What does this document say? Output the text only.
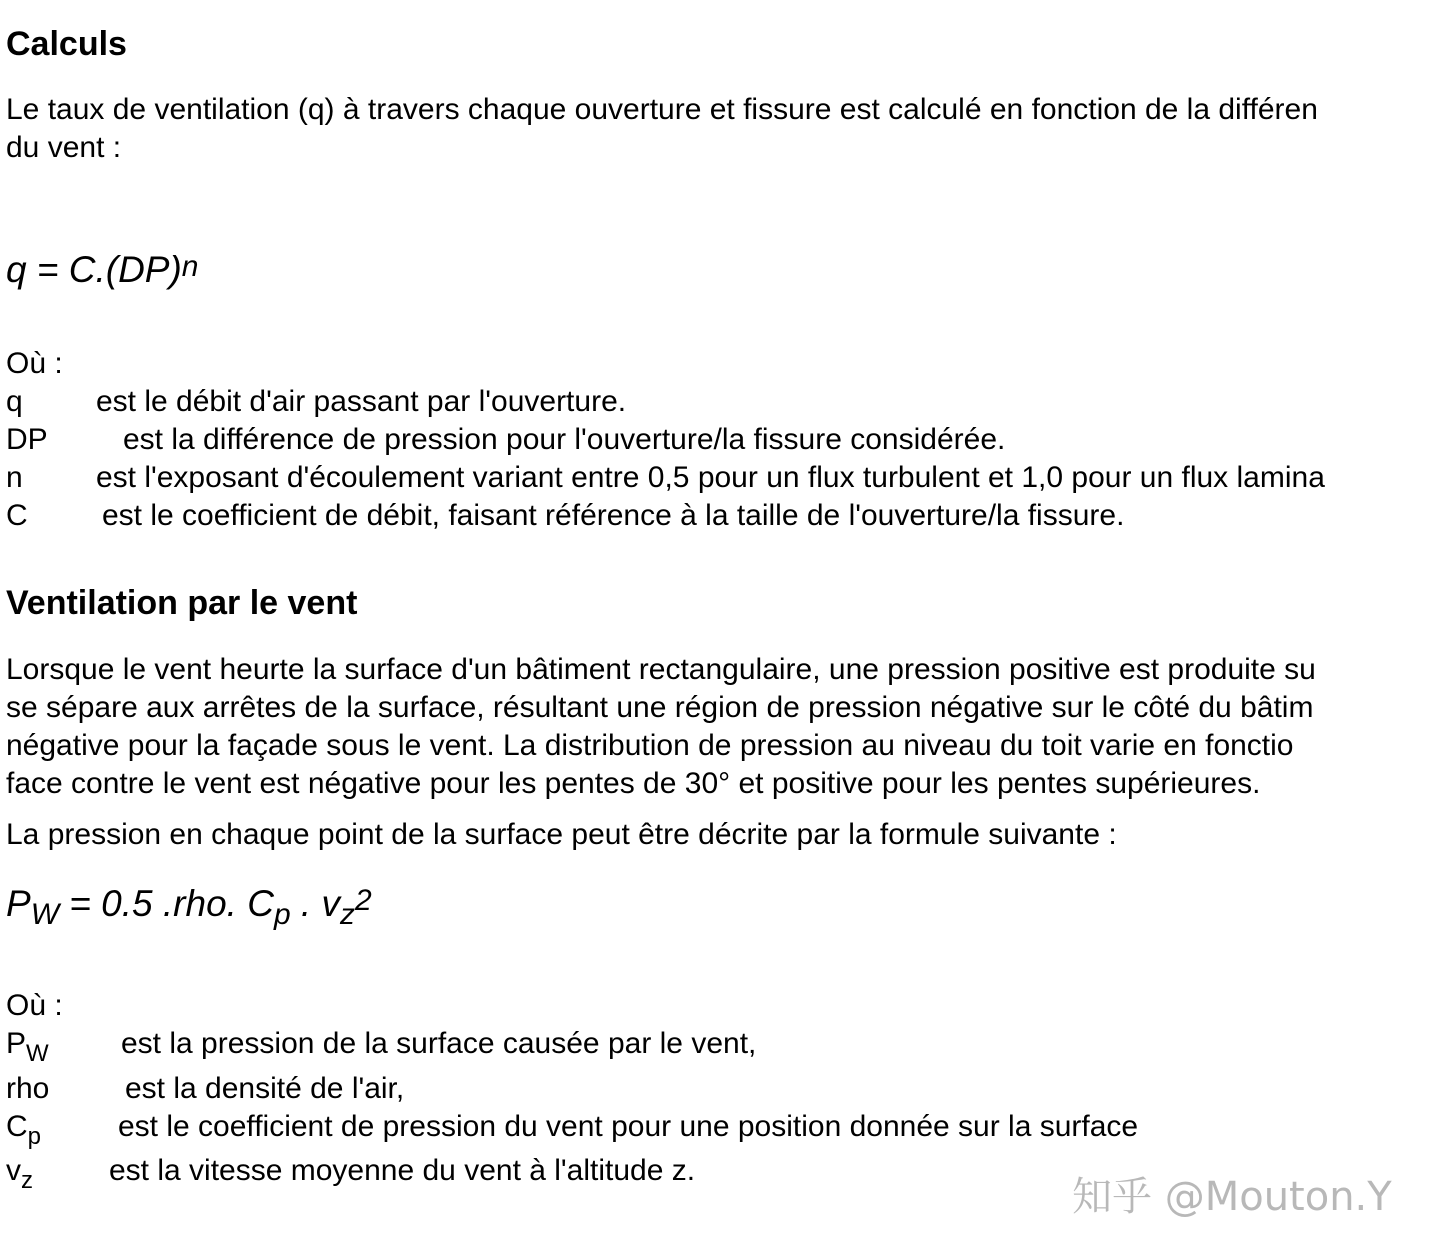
Calculs
Le taux de ventilation (q) à travers chaque ouverture et fissure est calculé en fonction de la différen
du vent :
q = C.(DP)$^n$
Où :
q est le débit d'air passant par l'ouverture.
DP	est la différence de pression pour l'ouverture/la fissure considérée.
n est l'exposant d'écoulement variant entre 0,5 pour un flux turbulent et 1,0 pour un flux lamina
C est le coefficient de débit, faisant référence à la taille de l'ouverture/la fissure.
Ventilation par le vent
Lorsque le vent heurte la surface d'un bâtiment rectangulaire, une pression positive est produite su
se sépare aux arrêtes de la surface, résultant une région de pression négative sur le côté du bâtim
négative pour la façade sous le vent. La distribution de pression au niveau du toit varie en fonctio
face contre le vent est négative pour les pentes de 30° et positive pour les pentes supérieures.
La pression en chaque point de la surface peut être décrite par la formule suivante :
$P_W = 0.5$ .rho. $C_p$ . $v_z^2$
Où :
$P_W$ est la pression de la surface causée par le vent,
rho	est la densité de l'air,
$C_p$	est le coefficient de pression du vent pour une position donnée sur la surface
$v_z$	est la vitesse moyenne du vent à l'altitude z.
知乎 @Mouton.Y
